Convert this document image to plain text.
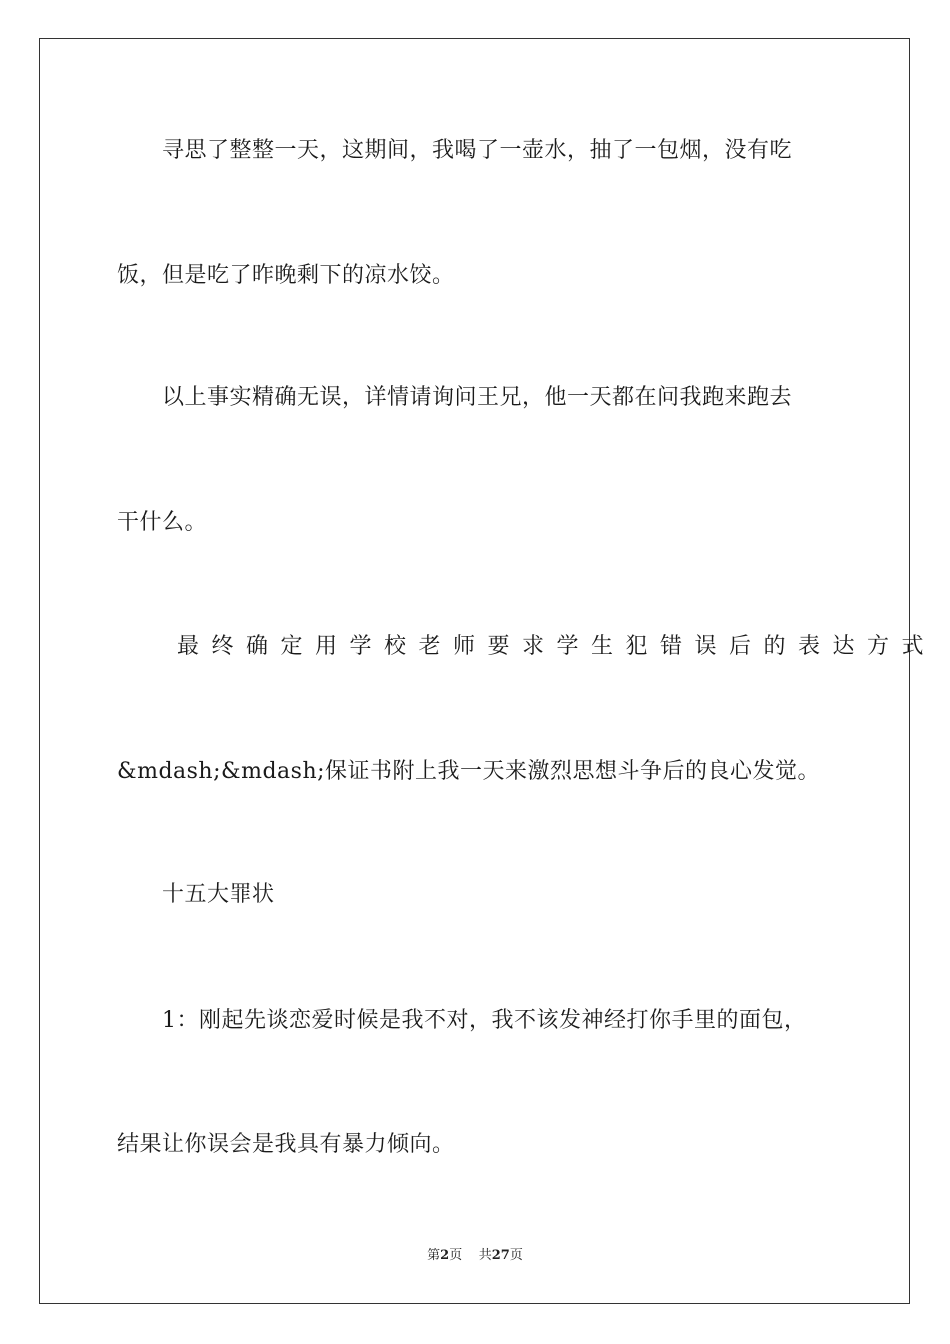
寻思了整整一天，这期间，我喝了一壶水，抽了一包烟，没有吃
饭，但是吃了昨晚剩下的凉水饺。
以上事实精确无误，详情请询问王兄，他一天都在问我跑来跑去
干什么。
最终确定用学校老师要求学生犯错误后的表达方式
&mdash;&mdash;保证书附上我一天来激烈思想斗争后的良心发觉。
十五大罪状
1：刚起先谈恋爱时候是我不对，我不该发神经打你手里的面包，
结果让你误会是我具有暴力倾向。
第2页 共27页
